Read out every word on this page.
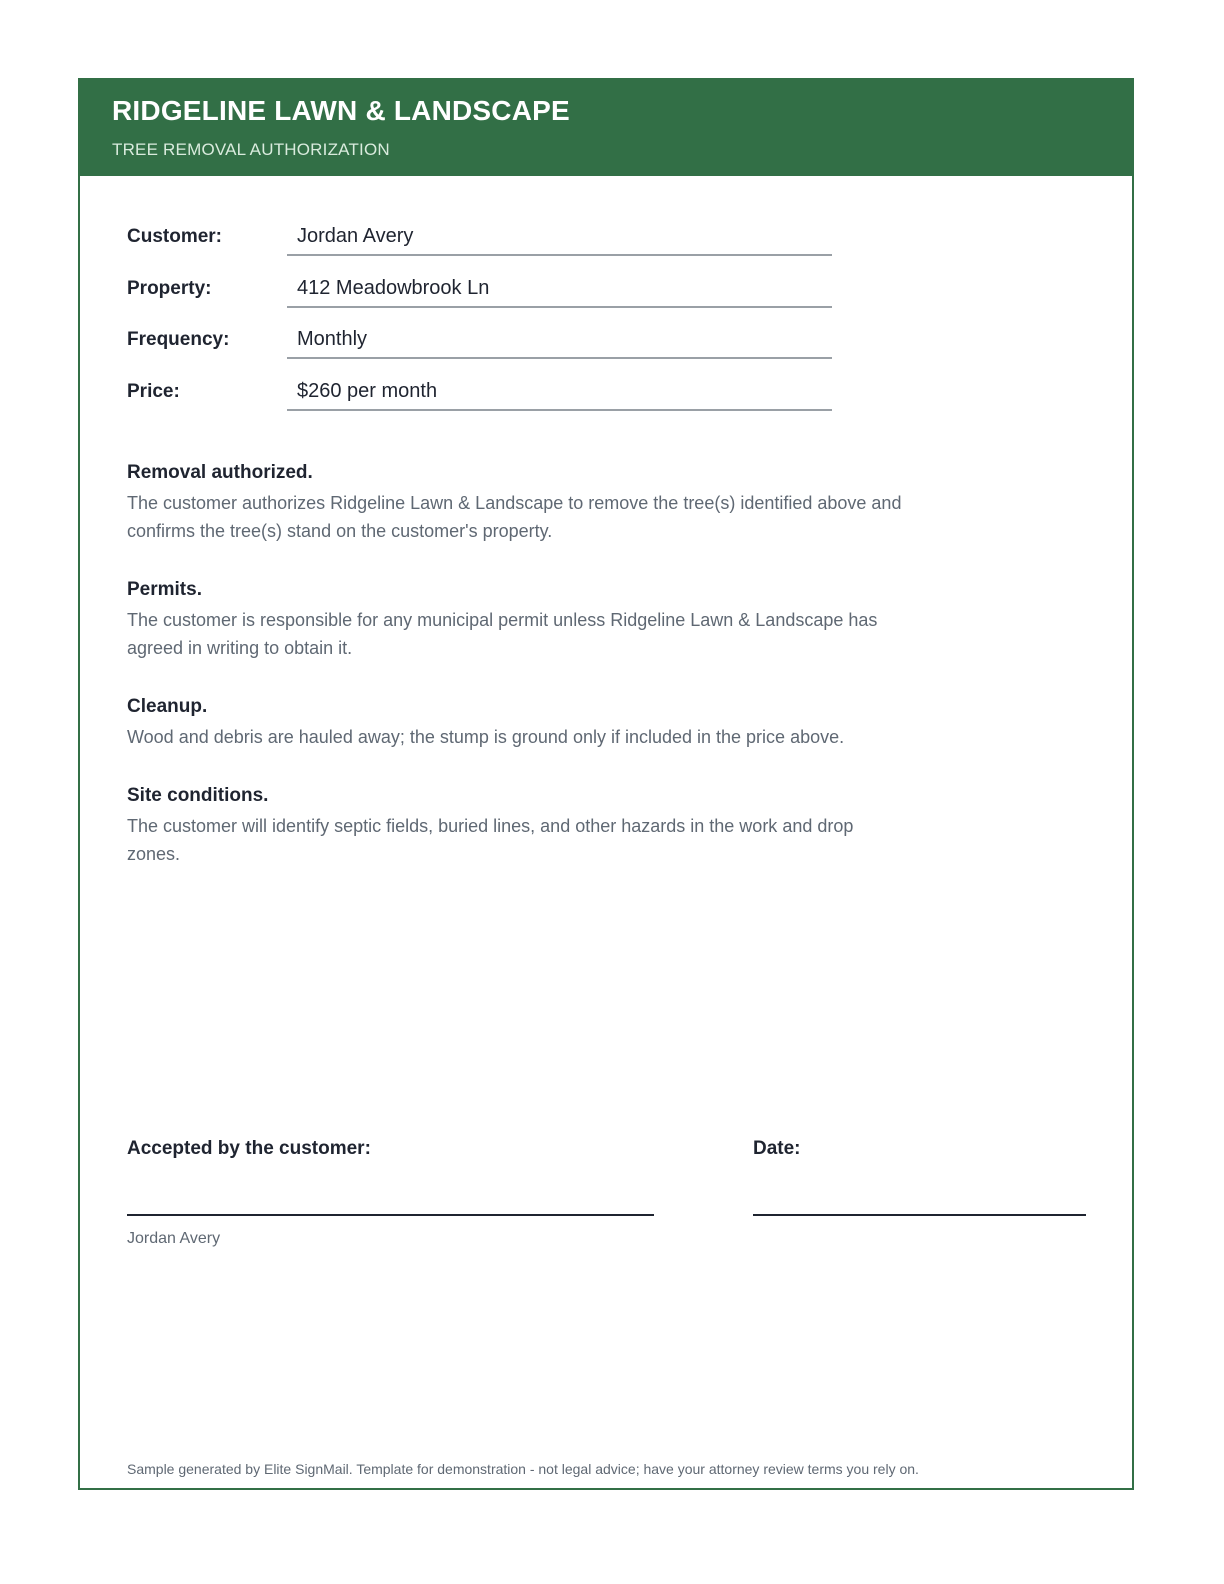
RIDGELINE LAWN & LANDSCAPE
TREE REMOVAL AUTHORIZATION
Customer:	Jordan Avery
Property:	412 Meadowbrook Ln
Frequency:	Monthly
Price:	$260 per month
Removal authorized.
The customer authorizes Ridgeline Lawn & Landscape to remove the tree(s) identified above and confirms the tree(s) stand on the customer's property.
Permits.
The customer is responsible for any municipal permit unless Ridgeline Lawn & Landscape has agreed in writing to obtain it.
Cleanup.
Wood and debris are hauled away; the stump is ground only if included in the price above.
Site conditions.
The customer will identify septic fields, buried lines, and other hazards in the work and drop zones.
Accepted by the customer:	Date:
Jordan Avery
Sample generated by Elite SignMail. Template for demonstration - not legal advice; have your attorney review terms you rely on.
